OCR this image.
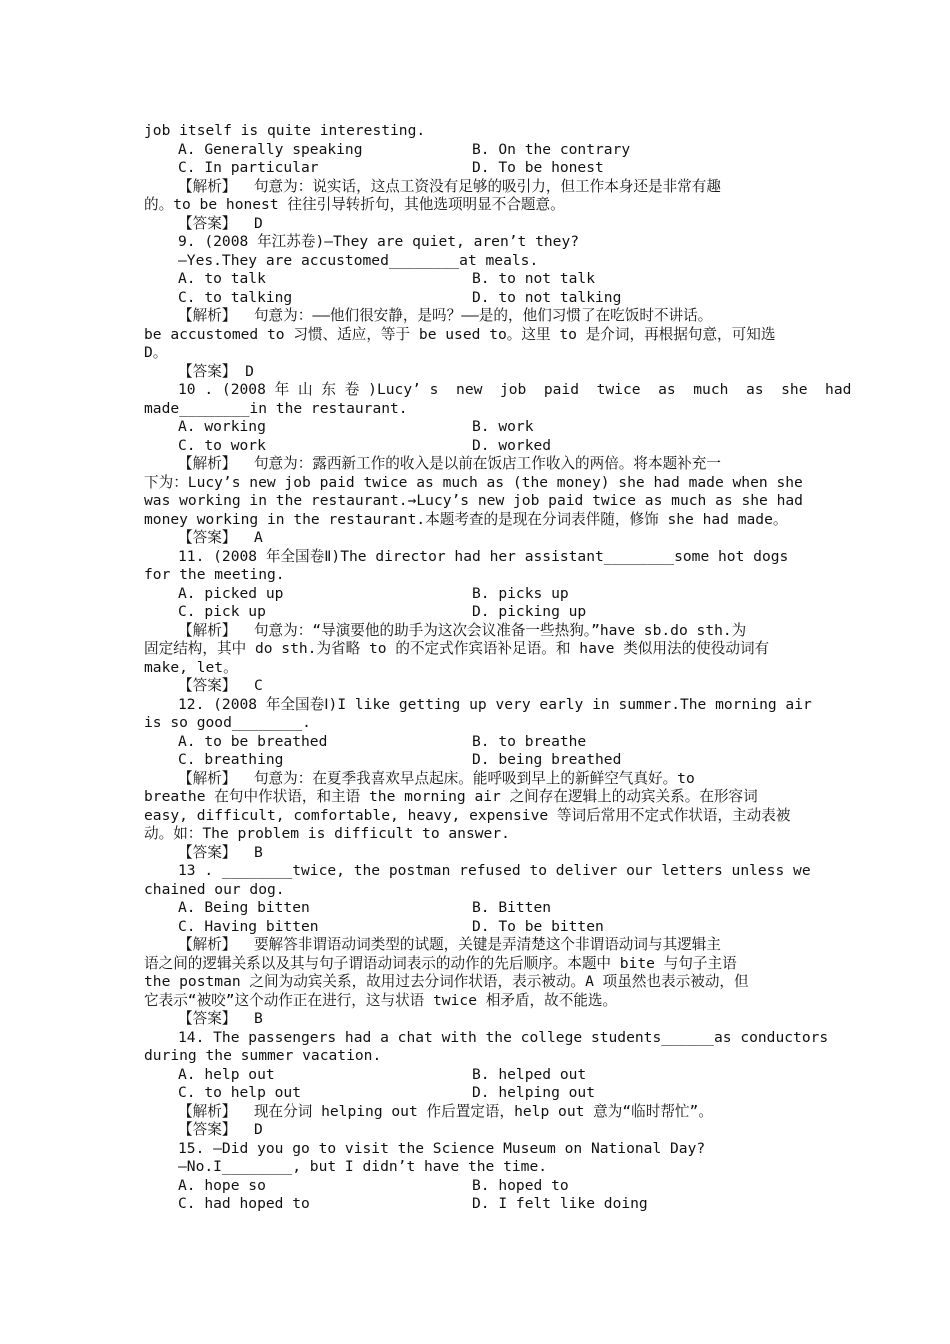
job itself is quite interesting.
A. Generally speaking	B. On the contrary
C. In particular	D. To be honest
【解析】  句意为：说实话，这点工资没有足够的吸引力，但工作本身还是非常有趣
的。to be honest 往往引导转折句，其他选项明显不合题意。
【答案】  D
9. (2008 年江苏卷)—They are quiet, aren’t they?
—Yes.They are accustomed________at meals.
A. to talk	B. to not talk
C. to talking	D. to not talking
【解析】  句意为：——他们很安静，是吗？——是的，他们习惯了在吃饭时不讲话。
be accustomed to 习惯、适应，等于 be used to。这里 to 是介词，再根据句意，可知选
D。
【答案】 D
10 . (2008 年 山 东 卷 )Lucy’ s  new  job  paid  twice  as  much  as  she  had
made________in the restaurant.
A. working	B. work
C. to work	D. worked
【解析】  句意为：露西新工作的收入是以前在饭店工作收入的两倍。将本题补充一
下为：Lucy’s new job paid twice as much as (the money) she had made when she
was working in the restaurant.→Lucy’s new job paid twice as much as she had
money working in the restaurant.本题考查的是现在分词表伴随，修饰 she had made。
【答案】  A
11. (2008 年全国卷Ⅱ)The director had her assistant________some hot dogs
for the meeting.
A. picked up	B. picks up
C. pick up	D. picking up
【解析】  句意为：“导演要他的助手为这次会议准备一些热狗。”have sb.do sth.为
固定结构，其中 do sth.为省略 to 的不定式作宾语补足语。和 have 类似用法的使役动词有
make, let。
【答案】  C
12. (2008 年全国卷Ⅰ)I like getting up very early in summer.The morning air
is so good________.
A. to be breathed	B. to breathe
C. breathing	D. being breathed
【解析】  句意为：在夏季我喜欢早点起床。能呼吸到早上的新鲜空气真好。to
breathe 在句中作状语，和主语 the morning air 之间存在逻辑上的动宾关系。在形容词
easy, difficult, comfortable, heavy, expensive 等词后常用不定式作状语，主动表被
动。如：The problem is difficult to answer.
【答案】  B
13 . ________twice, the postman refused to deliver our letters unless we
chained our dog.
A. Being bitten	B. Bitten
C. Having bitten	D. To be bitten
【解析】  要解答非谓语动词类型的试题，关键是弄清楚这个非谓语动词与其逻辑主
语之间的逻辑关系以及其与句子谓语动词表示的动作的先后顺序。本题中 bite 与句子主语
the postman 之间为动宾关系，故用过去分词作状语，表示被动。A 项虽然也表示被动，但
它表示“被咬”这个动作正在进行，这与状语 twice 相矛盾，故不能选。
【答案】  B
14. The passengers had a chat with the college students______as conductors
during the summer vacation.
A. help out	B. helped out
C. to help out	D. helping out
【解析】  现在分词 helping out 作后置定语，help out 意为“临时帮忙”。
【答案】  D
15. —Did you go to visit the Science Museum on National Day?
—No.I________, but I didn’t have the time.
A. hope so	B. hoped to
C. had hoped to	D. I felt like doing
